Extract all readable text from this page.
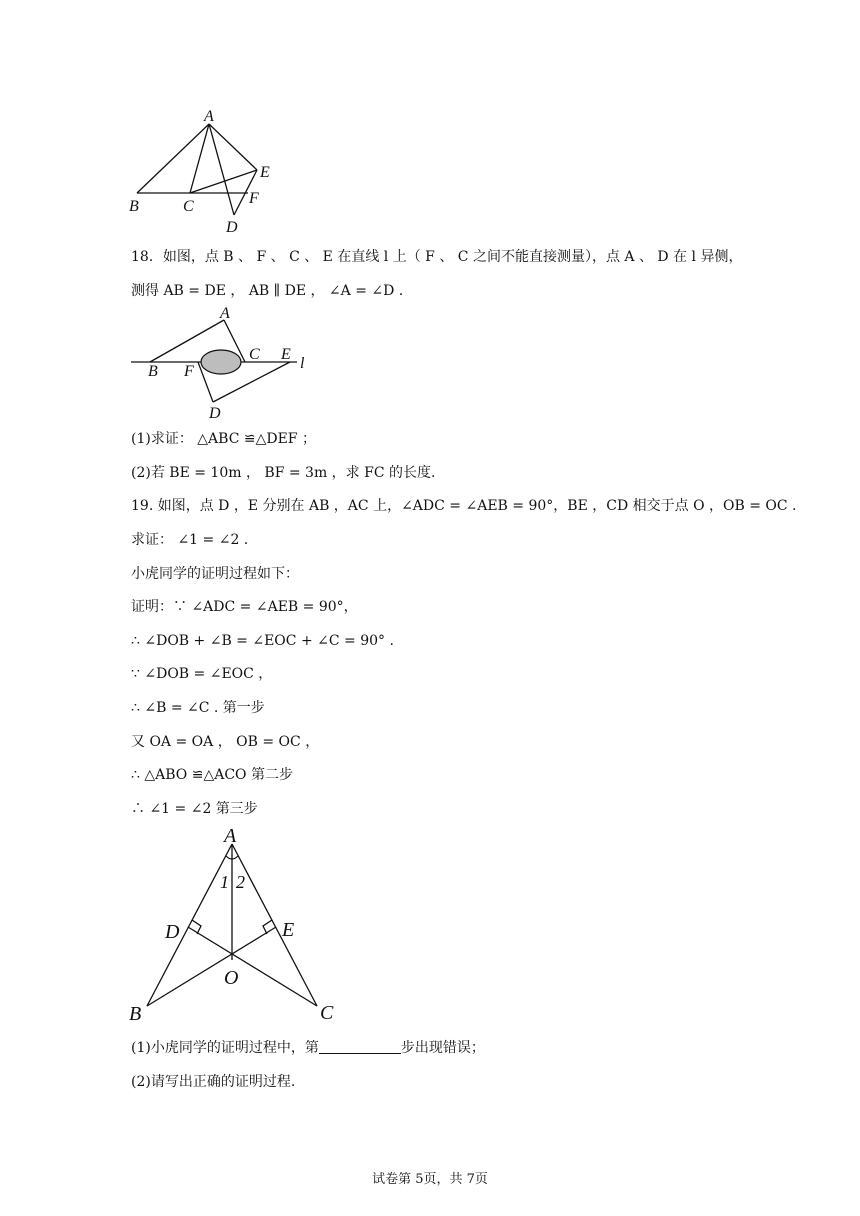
A
B	C
D
E
F
18．如图，点 B 、 F 、 C 、 E 在直线 l 上（ F 、 C 之间不能直接测量），点 A 、 D 在 l 异侧，
测得 AB = DE ， AB ∥ DE ， ∠A = ∠D .
A
B F
C E
l
D
(1)求证： △ABC ≌△DEF ；
(2)若 BE = 10m ， BF = 3m ，求 FC 的长度.
19. 如图，点 D ，E 分别在 AB ，AC 上，∠ADC = ∠AEB = 90°，BE ，CD 相交于点 O ，OB = OC .
求证： ∠1 = ∠2 .
小虎同学的证明过程如下：
证明：∵ ∠ADC = ∠AEB = 90°，
∴ ∠DOB + ∠B = ∠EOC + ∠C = 90° .
∵ ∠DOB = ∠EOC ，
∴ ∠B = ∠C . 第一步
又 OA = OA ， OB = OC ，
∴ △ABO ≌△ACO 第二步
∴ ∠1 = ∠2 第三步
A
1 2
D	E
O
B	C
(1)小虎同学的证明过程中，第	步出现错误；
(2)请写出正确的证明过程.
试卷第 5页，共 7页
